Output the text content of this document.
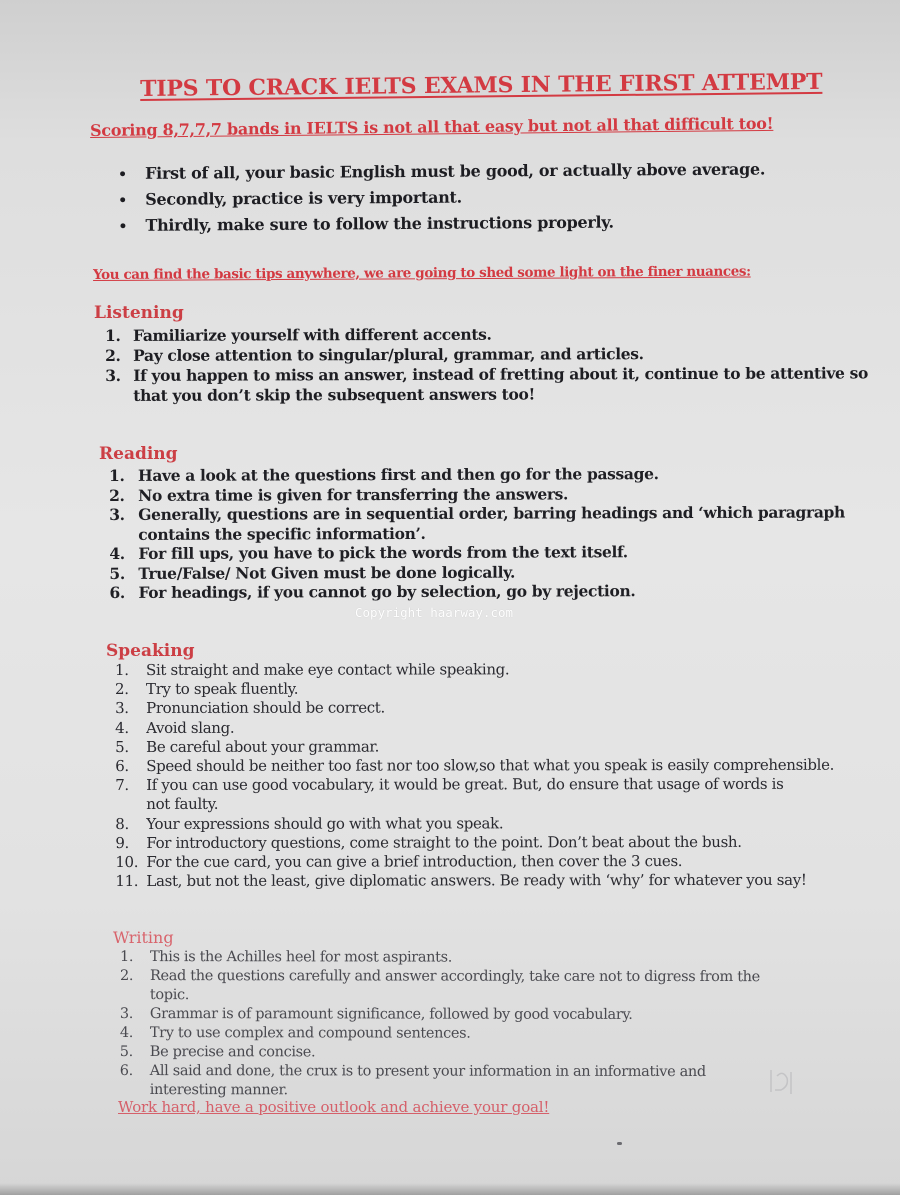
TIPS TO CRACK IELTS EXAMS IN THE FIRST ATTEMPT
Scoring 8,7,7,7 bands in IELTS is not all that easy but not all that difficult too!
• First of all, your basic English must be good, or actually above average.
• Secondly, practice is very important.
• Thirdly, make sure to follow the instructions properly.

You can find the basic tips anywhere, we are going to shed some light on the finer nuances:

Listening
1. Familiarize yourself with different accents.
2. Pay close attention to singular/plural, grammar, and articles.
3. If you happen to miss an answer, instead of fretting about it, continue to be attentive so
that you don’t skip the subsequent answers too!
Reading
1. Have a look at the questions first and then go for the passage.
2. No extra time is given for transferring the answers.
3. Generally, questions are in sequential order, barring headings and ‘which paragraph
contains the specific information’.
4. For fill ups, you have to pick the words from the text itself.
5. True/False/ Not Given must be done logically.
6. For headings, if you cannot go by selection, go by rejection.
Copyright haarway.com
Speaking
1.	Sit straight and make eye contact while speaking.
2.	Try to speak fluently.
3.	Pronunciation should be correct.
4.	Avoid slang.
5.	Be careful about your grammar.
6.	Speed should be neither too fast nor too slow,so that what you speak is easily comprehensible.
7.	If you can use good vocabulary, it would be great. But, do ensure that usage of words is
not faulty.
8.	Your expressions should go with what you speak.
9.	For introductory questions, come straight to the point. Don’t beat about the bush.
10. For the cue card, you can give a brief introduction, then cover the 3 cues.
11. Last, but not the least, give diplomatic answers. Be ready with ‘why’ for whatever you say!
Writing
1.	This is the Achilles heel for most aspirants.
2.	Read the questions carefully and answer accordingly, take care not to digress from the
topic.
3.	Grammar is of paramount significance, followed by good vocabulary.
4.	Try to use complex and compound sentences.
5.	Be precise and concise.
6.	All said and done, the crux is to present your information in an informative and
interesting manner.

Work hard, have a positive outlook and achieve your goal!
